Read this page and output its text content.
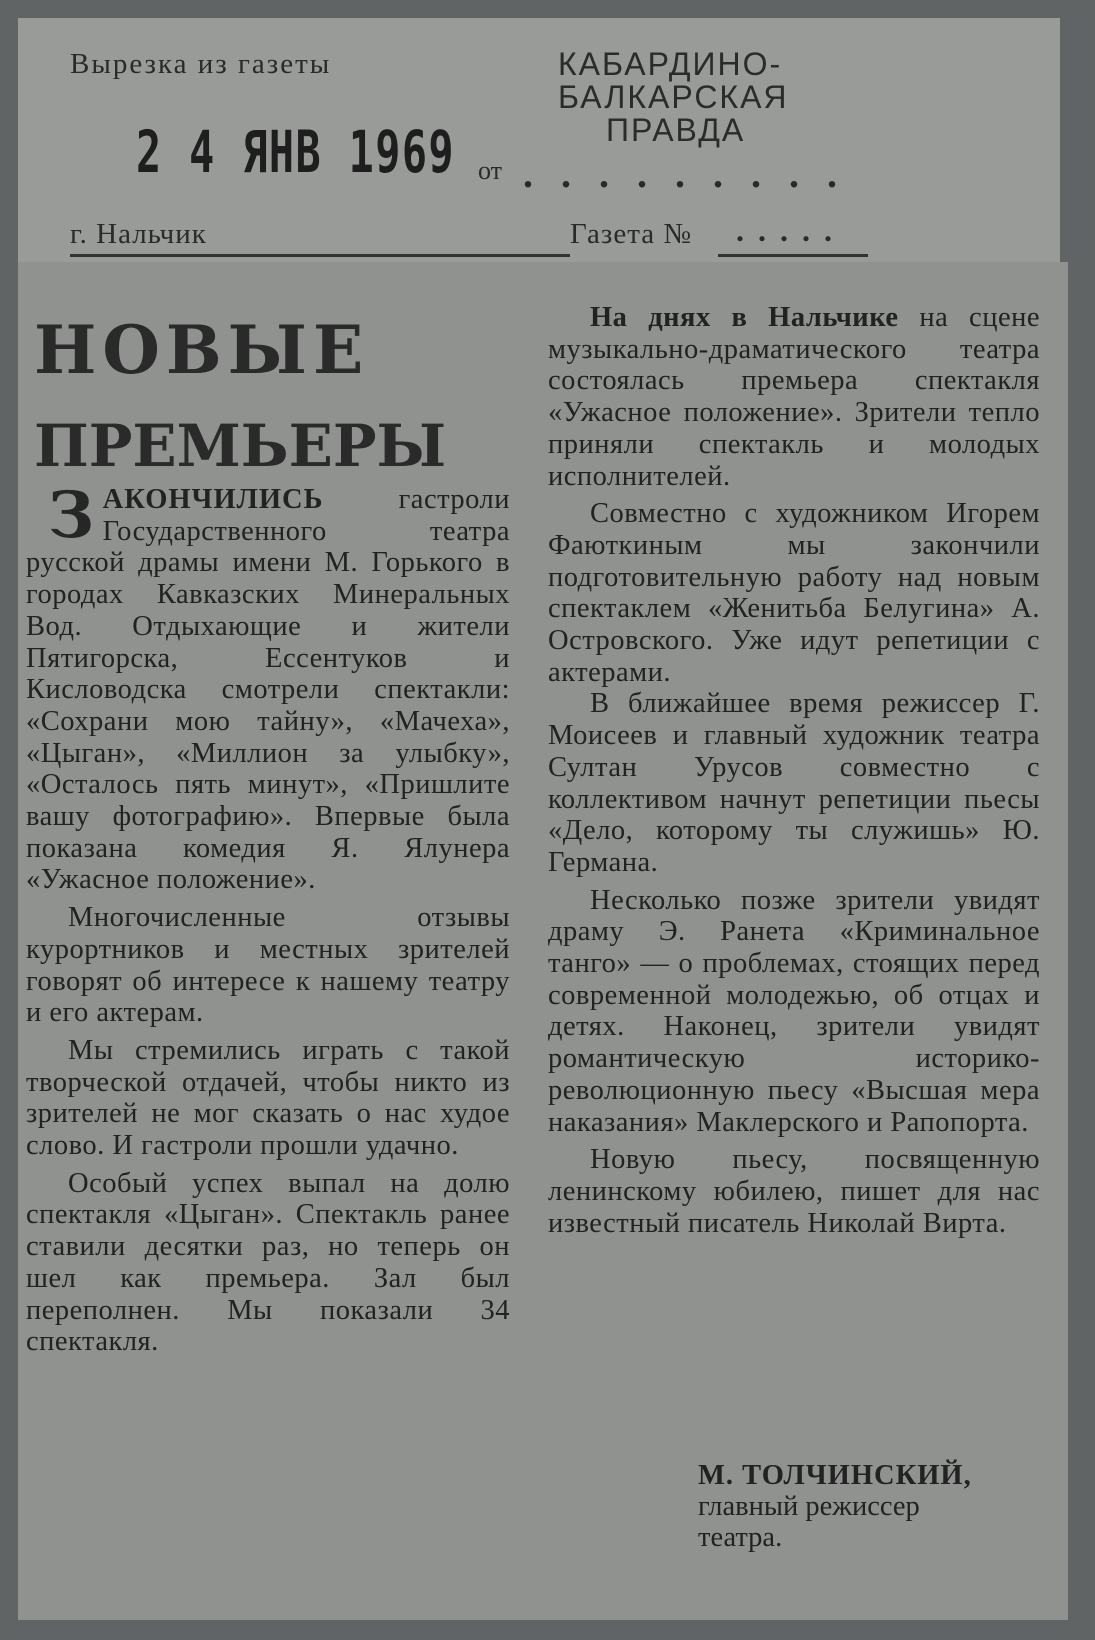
Вырезка из газеты
2 4 ЯНВ 1969 от .........
КАБАРДИНО-
БАЛКАРСКАЯ
ПРАВДА
г. Нальчик	Газета № .....
НОВЫЕ
ПРЕМЬЕРЫ

ЗАКОНЧИЛИСЬ гастроли Государственного театра русской драмы имени М. Горького в городах Кавказских Минеральных Вод. Отдыхающие и жители Пятигорска, Ессентуков и Кисловодска смотрели спектакли: «Сохрани мою тайну», «Мачеха», «Цыган», «Миллион за улыбку», «Осталось пять минут», «Пришлите вашу фотографию». Впервые была показана комедия Я. Ялунера «Ужасное положение».

Многочисленные отзывы курортников и местных зрителей говорят об интересе к нашему театру и его актерам.

Мы стремились играть с такой творческой отдачей, чтобы никто из зрителей не мог сказать о нас худое слово. И гастроли прошли удачно.

Особый успех выпал на долю спектакля «Цыган». Спектакль ранее ставили десятки раз, но теперь он шел как премьера. Зал был переполнен. Мы показали 34 спектакля.

На днях в Нальчике на сцене музыкально-драматического театра состоялась премьера спектакля «Ужасное положение». Зрители тепло приняли спектакль и молодых исполнителей.

Совместно с художником Игорем Фаюткиным мы закончили подготовительную работу над новым спектаклем «Женитьба Белугина» А. Островского. Уже идут репетиции с актерами.

В ближайшее время режиссер Г. Моисеев и главный художник театра Султан Урусов совместно с коллективом начнут репетиции пьесы «Дело, которому ты служишь» Ю. Германа.

Несколько позже зрители увидят драму Э. Ранета «Криминальное танго» — о проблемах, стоящих перед современной молодежью, об отцах и детях. Наконец, зрители увидят романтическую историко-революционную пьесу «Высшая мера наказания» Маклерского и Рапопорта.

Новую пьесу, посвященную ленинскому юбилею, пишет для нас известный писатель Николай Вирта.

М. ТОЛЧИНСКИЙ,
главный режиссер
театра.
